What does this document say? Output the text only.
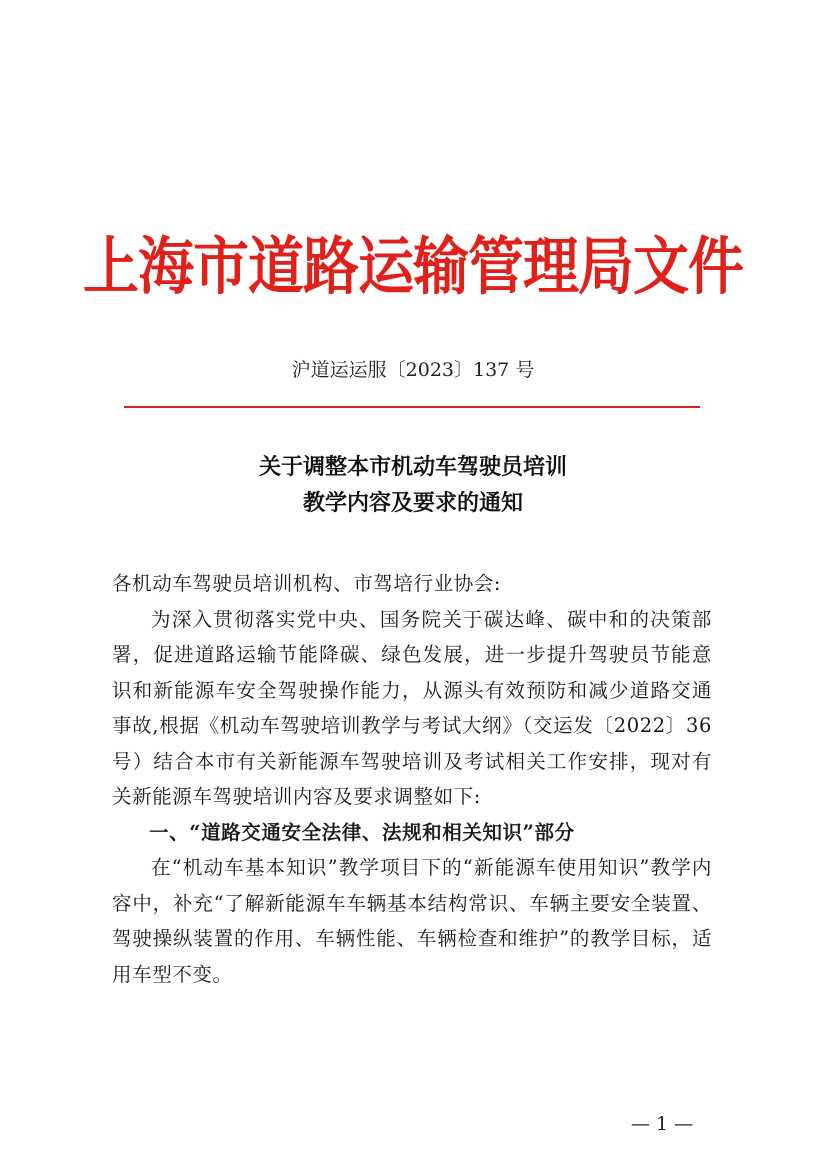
上海市道路运输管理局文件
沪道运运服〔2023〕137 号
关于调整本市机动车驾驶员培训
教学内容及要求的通知

各机动车驾驶员培训机构、市驾培行业协会:

为深入贯彻落实党中央、国务院关于碳达峰、碳中和的决策部署，促进道路运输节能降碳、绿色发展，进一步提升驾驶员节能意识和新能源车安全驾驶操作能力，从源头有效预防和减少道路交通事故,根据《机动车驾驶培训教学与考试大纲》（交运发〔2022〕36 号）结合本市有关新能源车驾驶培训及考试相关工作安排，现对有关新能源车驾驶培训内容及要求调整如下:

一、“道路交通安全法律、法规和相关知识”部分

在“机动车基本知识”教学项目下的“新能源车使用知识”教学内容中，补充“了解新能源车车辆基本结构常识、车辆主要安全装置、驾驶操纵装置的作用、车辆性能、车辆检查和维护”的教学目标，适用车型不变。

— 1 —
